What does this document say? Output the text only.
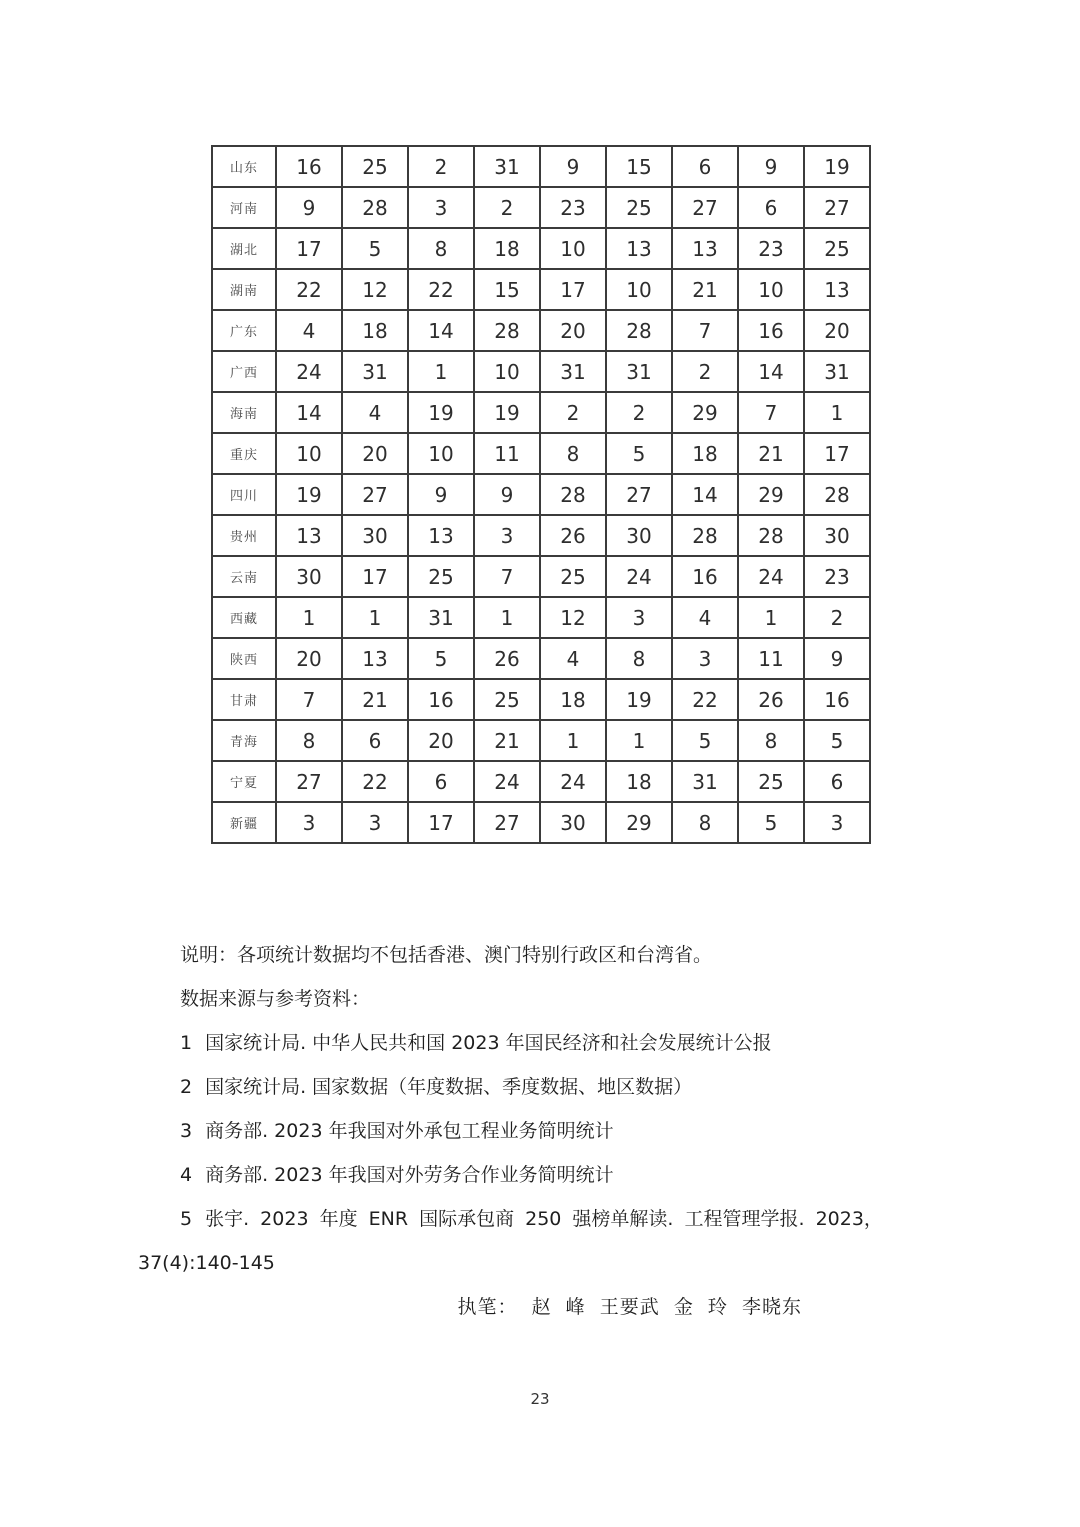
山东	16	25	2	31	9	15	6	9	19
河南	9	28	3	2	23	25	27	6	27
湖北	17	5	8	18	10	13	13	23	25
湖南	22	12	22	15	17	10	21	10	13
广东	4	18	14	28	20	28	7	16	20
广西	24	31	1	10	31	31	2	14	31
海南	14	4	19	19	2	2	29	7	1
重庆	10	20	10	11	8	5	18	21	17
四川	19	27	9	9	28	27	14	29	28
贵州	13	30	13	3	26	30	28	28	30
云南	30	17	25	7	25	24	16	24	23
西藏	1	1	31	1	12	3	4	1	2
陕西	20	13	5	26	4	8	3	11	9
甘肃	7	21	16	25	18	19	22	26	16
青海	8	6	20	21	1	1	5	8	5
宁夏	27	22	6	24	24	18	31	25	6
新疆	3	3	17	27	30	29	8	5	3

说明：各项统计数据均不包括香港、澳门特别行政区和台湾省。

数据来源与参考资料：

1 国家统计局. 中华人民共和国 2023 年国民经济和社会发展统计公报

2 国家统计局. 国家数据（年度数据、季度数据、地区数据）

3 商务部. 2023 年我国对外承包工程业务简明统计

4 商务部. 2023 年我国对外劳务合作业务简明统计

5 张宇. 2023 年度 ENR 国际承包商 250 强榜单解读. 工程管理学报. 2023，

37(4):140-145

执笔：  赵  峰  王要武  金  玲  李晓东

23
